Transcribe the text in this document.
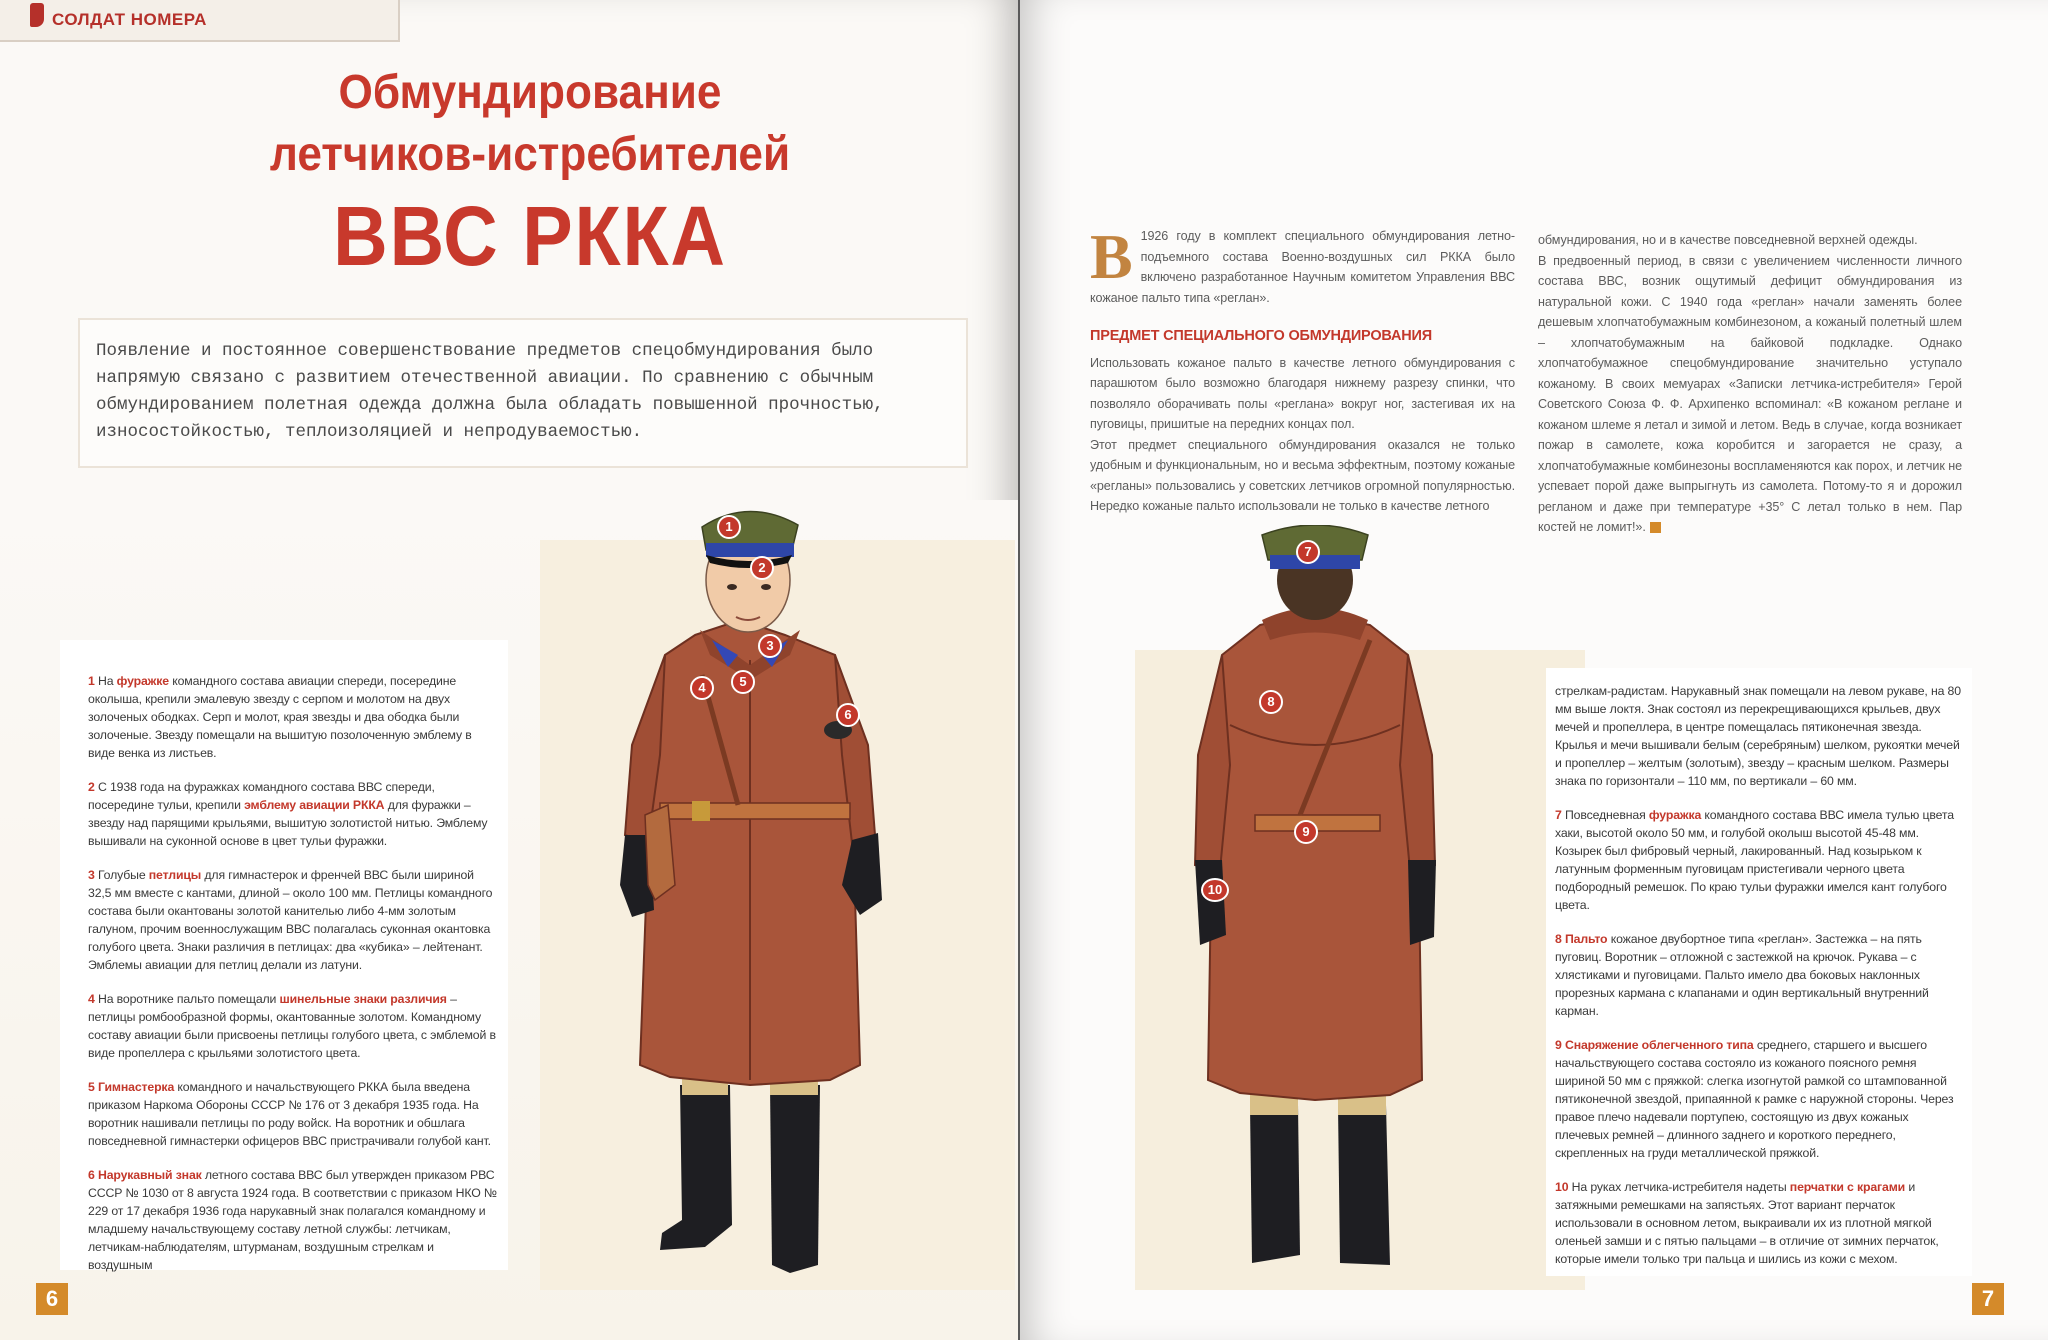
СОЛДАТ НОМЕРА
Обмундирование
летчиков-истребителей
ВВС РККА

Появление и постоянное совершенствование предметов спецобмундирования было напрямую связано с развитием отечественной авиации. По сравнению с обычным обмундированием полетная одежда должна была обладать повышенной прочностью, износостойкостью, теплоизоляцией и непродуваемостью.

1
2
3
4	5
6

1 На фуражке командного состава авиации спереди, посередине околыша, крепили эмалевую звезду с серпом и молотом на двух золоченых ободках. Серп и молот, края звезды и два ободка были золоченые. Звезду помещали на вышитую позолоченную эмблему в виде венка из листьев.

2 С 1938 года на фуражках командного состава ВВС спереди, посередине тульи, крепили эмблему авиации РККА для фуражки – звезду над парящими крыльями, вышитую золотистой нитью. Эмблему вышивали на суконной основе в цвет тульи фуражки.

3 Голубые петлицы для гимнастерок и френчей ВВС были шириной 32,5 мм вместе с кантами, длиной – около 100 мм. Петлицы командного состава были окантованы золотой канителью либо 4-мм золотым галуном, прочим военнослужащим ВВС полагалась суконная окантовка голубого цвета. Знаки различия в петлицах: два «кубика» – лейтенант. Эмблемы авиации для петлиц делали из латуни.

4 На воротнике пальто помещали шинельные знаки различия – петлицы ромбообразной формы, окантованные золотом. Командному составу авиации были присвоены петлицы голубого цвета, с эмблемой в виде пропеллера с крыльями золотистого цвета.

5 Гимнастерка командного и начальствующего РККА была введена приказом Наркома Обороны СССР № 176 от 3 декабря 1935 года. На воротник нашивали петлицы по роду войск. На воротник и обшлага повседневной гимнастерки офицеров ВВС пристрачивали голубой кант.

6 Нарукавный знак летного состава ВВС был утвержден приказом РВС СССР № 1030 от 8 августа 1924 года. В соответствии с приказом НКО № 229 от 17 декабря 1936 года нарукавный знак полагался командному и младшему начальствующему составу летной службы: летчикам, летчикам-наблюдателям, штурманам, воздушным стрелкам и воздушным

6
В 1926 году в комплект специального обмундирования летно-подъемного состава Военно-воздушных сил РККА было включено разработанное Научным комитетом Управления ВВС кожаное пальто типа «реглан».
ПРЕДМЕТ СПЕЦИАЛЬНОГО ОБМУНДИРОВАНИЯ
Использовать кожаное пальто в качестве летного обмундирования с парашютом было возможно благодаря нижнему разрезу спинки, что позволяло оборачивать полы «реглана» вокруг ног, застегивая их на пуговицы, пришитые на передних концах пол.
Этот предмет специального обмундирования оказался не только удобным и функциональным, но и весьма эффектным, поэтому кожаные «регланы» пользовались у советских летчиков огромной популярностью. Нередко кожаные пальто использовали не только в качестве летного
обмундирования, но и в качестве повседневной верхней одежды.
В предвоенный период, в связи с увеличением численности личного состава ВВС, возник ощутимый дефицит обмундирования из натуральной кожи. С 1940 года «реглан» начали заменять более дешевым хлопчатобумажным комбинезоном, а кожаный полетный шлем – хлопчатобумажным на байковой подкладке. Однако хлопчатобумажное спецобмундирование значительно уступало кожаному. В своих мемуарах «Записки летчика-истребителя» Герой Советского Союза Ф. Ф. Архипенко вспоминал: «В кожаном реглане и кожаном шлеме я летал и зимой и летом. Ведь в случае, когда возникает пожар в самолете, кожа коробится и загорается не сразу, а хлопчатобумажные комбинезоны воспламеняются как порох, и летчик не успевает порой даже выпрыгнуть из самолета. Потому-то я и дорожил регланом и даже при температуре +35° С летал только в нем. Пар костей не ломит!».
7
8
9
10

стрелкам-радистам. Нарукавный знак помещали на левом рукаве, на 80 мм выше локтя. Знак состоял из перекрещивающихся крыльев, двух мечей и пропеллера, в центре помещалась пятиконечная звезда. Крылья и мечи вышивали белым (серебряным) шелком, рукоятки мечей и пропеллер – желтым (золотым), звезду – красным шелком. Размеры знака по горизонтали – 110 мм, по вертикали – 60 мм.

7 Повседневная фуражка командного состава ВВС имела тулью цвета хаки, высотой около 50 мм, и голубой околыш высотой 45-48 мм. Козырек был фибровый черный, лакированный. Над козырьком к латунным форменным пуговицам пристегивали черного цвета подбородный ремешок. По краю тульи фуражки имелся кант голубого цвета.

8 Пальто кожаное двубортное типа «реглан». Застежка – на пять пуговиц. Воротник – отложной с застежкой на крючок. Рукава – с хлястиками и пуговицами. Пальто имело два боковых наклонных прорезных кармана с клапанами и один вертикальный внутренний карман.

9 Снаряжение облегченного типа среднего, старшего и высшего начальствующего состава состояло из кожаного поясного ремня шириной 50 мм с пряжкой: слегка изогнутой рамкой со штампованной пятиконечной звездой, припаянной к рамке с наружной стороны. Через правое плечо надевали портупею, состоящую из двух кожаных плечевых ремней – длинного заднего и короткого переднего, скрепленных на груди металлической пряжкой.

10 На руках летчика-истребителя надеты перчатки с крагами и затяжными ремешками на запястьях. Этот вариант перчаток использовали в основном летом, выкраивали их из плотной мягкой оленьей замши и с пятью пальцами – в отличие от зимних перчаток, которые имели только три пальца и шились из кожи с мехом.

7
